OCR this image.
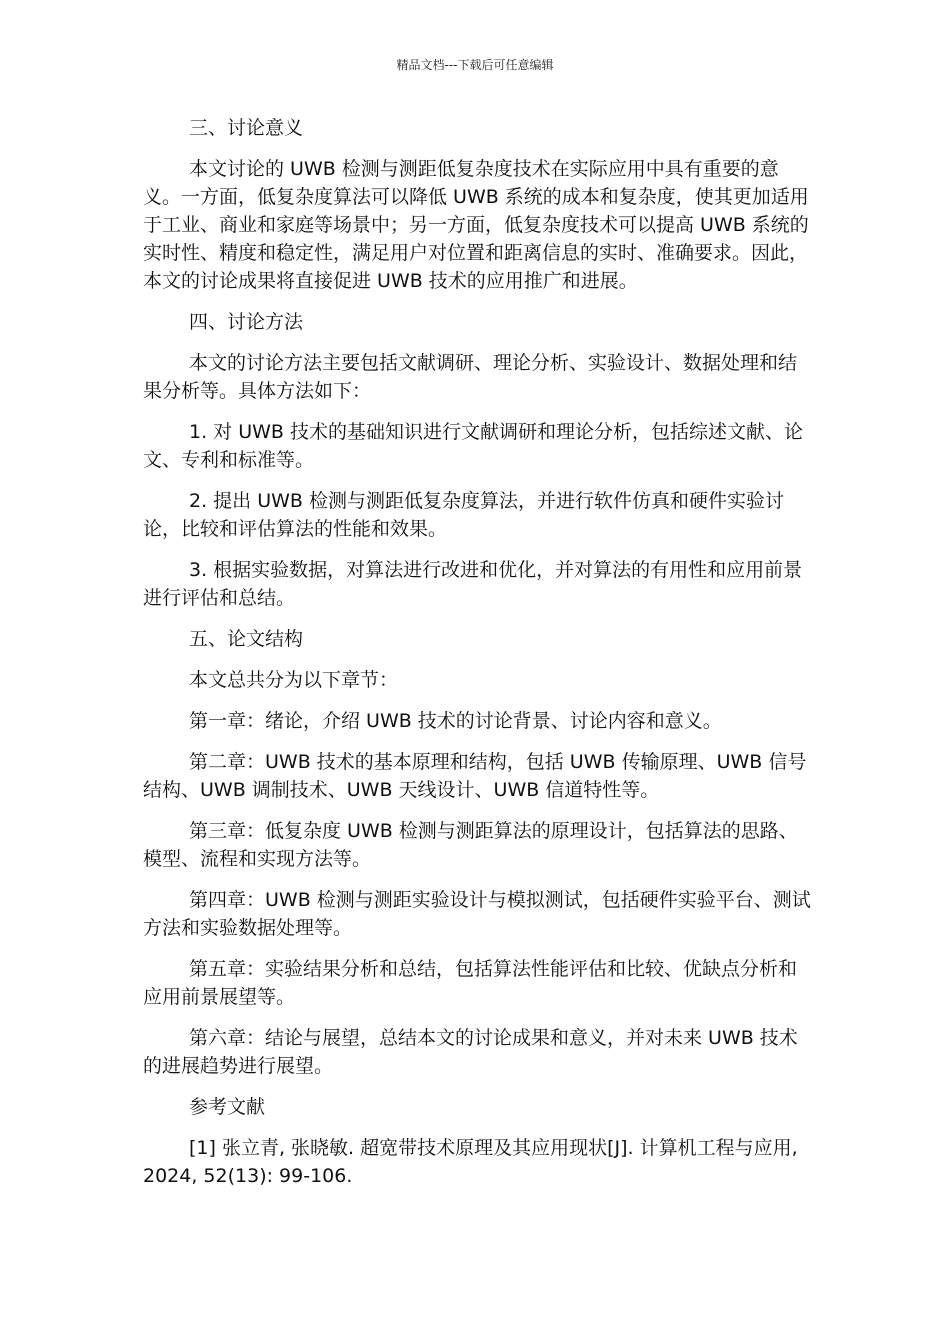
精品文档---下载后可任意编辑
三、讨论意义
本文讨论的 UWB 检测与测距低复杂度技术在实际应用中具有重要的意义。一方面，低复杂度算法可以降低 UWB 系统的成本和复杂度，使其更加适用于工业、商业和家庭等场景中；另一方面，低复杂度技术可以提高 UWB 系统的实时性、精度和稳定性，满足用户对位置和距离信息的实时、准确要求。因此，本文的讨论成果将直接促进 UWB 技术的应用推广和进展。
四、讨论方法
本文的讨论方法主要包括文献调研、理论分析、实验设计、数据处理和结果分析等。具体方法如下：
1. 对 UWB 技术的基础知识进行文献调研和理论分析，包括综述文献、论文、专利和标准等。
2. 提出 UWB 检测与测距低复杂度算法，并进行软件仿真和硬件实验讨论，比较和评估算法的性能和效果。
3. 根据实验数据，对算法进行改进和优化，并对算法的有用性和应用前景进行评估和总结。
五、论文结构
本文总共分为以下章节：
第一章：绪论，介绍 UWB 技术的讨论背景、讨论内容和意义。
第二章：UWB 技术的基本原理和结构，包括 UWB 传输原理、UWB 信号结构、UWB 调制技术、UWB 天线设计、UWB 信道特性等。
第三章：低复杂度 UWB 检测与测距算法的原理设计，包括算法的思路、模型、流程和实现方法等。
第四章：UWB 检测与测距实验设计与模拟测试，包括硬件实验平台、测试方法和实验数据处理等。
第五章：实验结果分析和总结，包括算法性能评估和比较、优缺点分析和应用前景展望等。
第六章：结论与展望，总结本文的讨论成果和意义，并对未来 UWB 技术的进展趋势进行展望。
参考文献
[1] 张立青, 张晓敏. 超宽带技术原理及其应用现状[J]. 计算机工程与应用, 2024, 52(13): 99-106.
